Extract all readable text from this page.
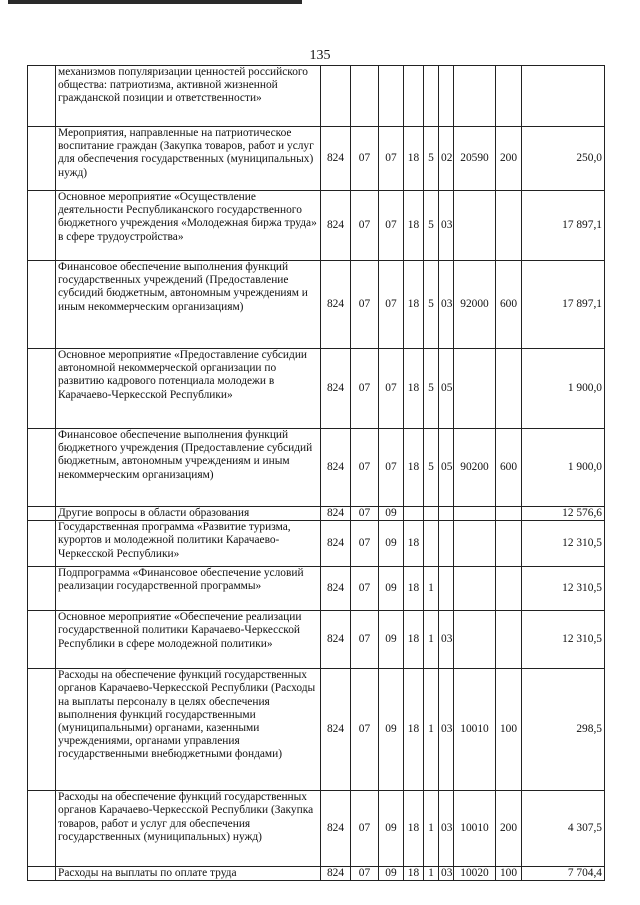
135
	механизмов популяризации ценностей российского общества: патриотизма, активной жизненной гражданской позиции и ответственности»									
	Мероприятия, направленные на патриотическое воспитание граждан (Закупка товаров, работ и услуг для обеспечения государственных (муниципальных) нужд)	824	07	07	18	5	02	20590	200	250,0
	Основное мероприятие «Осуществление деятельности Республиканского государственного бюджетного учреждения «Молодежная биржа труда» в сфере трудоустройства»	824	07	07	18	5	03			17 897,1
	Финансовое обеспечение выполнения функций государственных учреждений (Предоставление субсидий бюджетным, автономным учреждениям и иным некоммерческим организациям)	824	07	07	18	5	03	92000	600	17 897,1
	Основное мероприятие «Предоставление субсидии автономной некоммерческой организации по развитию кадрового потенциала молодежи в Карачаево-Черкесской Республики»	824	07	07	18	5	05			1 900,0
	Финансовое обеспечение выполнения функций бюджетного учреждения (Предоставление субсидий бюджетным, автономным учреждениям и иным некоммерческим организациям)	824	07	07	18	5	05	90200	600	1 900,0
	Другие вопросы в области образования	824	07	09						12 576,6
	Государственная программа «Развитие туризма, курортов и молодежной политики Карачаево-Черкесской Республики»	824	07	09	18					12 310,5
	Подпрограмма «Финансовое обеспечение условий реализации государственной программы»	824	07	09	18	1				12 310,5
	Основное мероприятие «Обеспечение реализации государственной политики Карачаево-Черкесской Республики в сфере молодежной политики»	824	07	09	18	1	03			12 310,5
	Расходы на обеспечение функций государственных органов Карачаево-Черкесской Республики (Расходы на выплаты персоналу в целях обеспечения выполнения функций государственными (муниципальными) органами, казенными учреждениями, органами управления государственными внебюджетными фондами)	824	07	09	18	1	03	10010	100	298,5
	Расходы на обеспечение функций государственных органов Карачаево-Черкесской Республики (Закупка товаров, работ и услуг для обеспечения государственных (муниципальных) нужд)	824	07	09	18	1	03	10010	200	4 307,5
	Расходы на выплаты по оплате труда	824	07	09	18	1	03	10020	100	7 704,4
